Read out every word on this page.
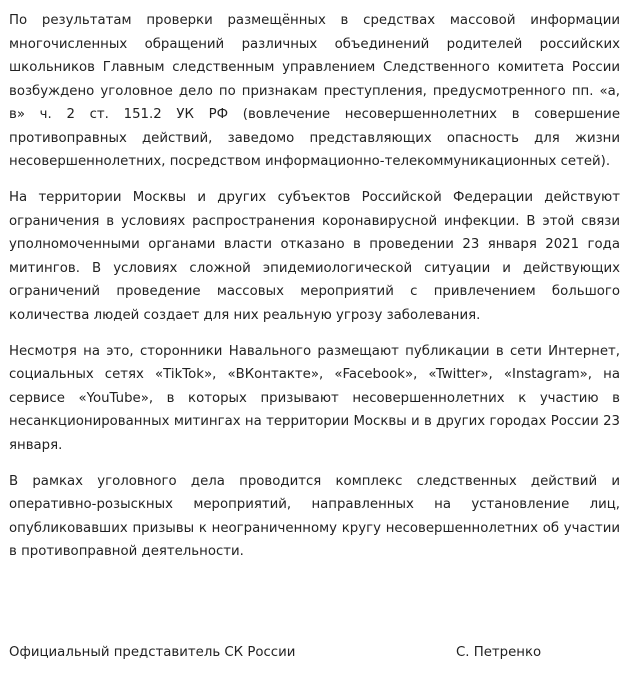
По результатам проверки размещённых в средствах массовой информации многочисленных обращений различных объединений родителей российских школьников Главным следственным управлением Следственного комитета России возбуждено уголовное дело по признакам преступления, предусмотренного пп. «а, в» ч. 2 ст. 151.2 УК РФ (вовлечение несовершеннолетних в совершение противоправных действий, заведомо представляющих опасность для жизни несовершеннолетних, посредством информационно-телекоммуникационных сетей).

На территории Москвы и других субъектов Российской Федерации действуют ограничения в условиях распространения коронавирусной инфекции. В этой связи уполномоченными органами власти отказано в проведении 23 января 2021 года митингов. В условиях сложной эпидемиологической ситуации и действующих ограничений проведение массовых мероприятий с привлечением большого количества людей создает для них реальную угрозу заболевания.

Несмотря на это, сторонники Навального размещают публикации в сети Интернет, социальных сетях «TikTok», «ВКонтакте», «Facebook», «Twitter», «Instagram», на сервисе «YouTube», в которых призывают несовершеннолетних к участию в несанкционированных митингах на территории Москвы и в других городах России 23 января.

В рамках уголовного дела проводится комплекс следственных действий и оперативно-розыскных мероприятий, направленных на установление лиц, опубликовавших призывы к неограниченному кругу несовершеннолетних об участии в противоправной деятельности.

Официальный представитель СК России	С. Петренко
